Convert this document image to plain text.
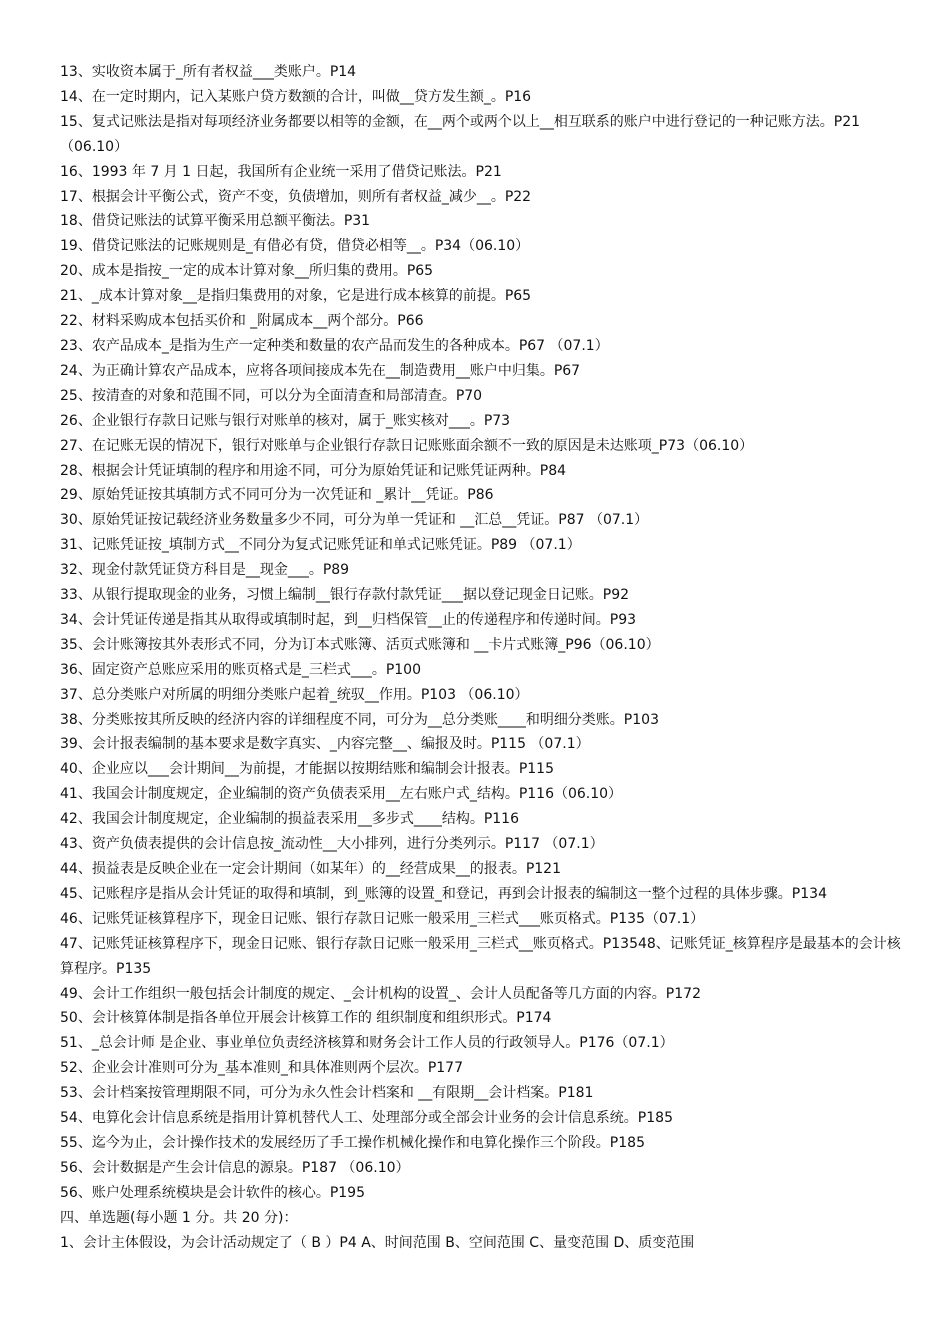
13、实收资本属于_所有者权益___类账户。P14
14、在一定时期内，记入某账户贷方数额的合计，叫做__贷方发生额_。P16
15、复式记账法是指对每项经济业务都要以相等的金额，在__两个或两个以上__相互联系的账户中进行登记的一种记账方法。P21（06.10）
16、1993 年 7 月 1 日起，我国所有企业统一采用了借贷记账法。P21
17、根据会计平衡公式，资产不变，负债增加，则所有者权益_减少__。P22
18、借贷记账法的试算平衡采用总额平衡法。P31
19、借贷记账法的记账规则是_有借必有贷，借贷必相等__。P34（06.10）
20、成本是指按_一定的成本计算对象__所归集的费用。P65
21、_成本计算对象__是指归集费用的对象，它是进行成本核算的前提。P65
22、材料采购成本包括买价和 _附属成本__两个部分。P66
23、农产品成本_是指为生产一定种类和数量的农产品而发生的各种成本。P67 （07.1）
24、为正确计算农产品成本，应将各项间接成本先在__制造费用__账户中归集。P67
25、按清查的对象和范围不同，可以分为全面清查和局部清查。P70
26、企业银行存款日记账与银行对账单的核对，属于_账实核对___。P73
27、在记账无误的情况下，银行对账单与企业银行存款日记账账面余额不一致的原因是未达账项_P73（06.10）
28、根据会计凭证填制的程序和用途不同，可分为原始凭证和记账凭证两种。P84
29、原始凭证按其填制方式不同可分为一次凭证和 _累计__凭证。P86
30、原始凭证按记载经济业务数量多少不同，可分为单一凭证和 __汇总__凭证。P87 （07.1）
31、记账凭证按_填制方式__不同分为复式记账凭证和单式记账凭证。P89 （07.1）
32、现金付款凭证贷方科目是__现金___。P89
33、从银行提取现金的业务，习惯上编制__银行存款付款凭证___据以登记现金日记账。P92
34、会计凭证传递是指其从取得或填制时起，到__归档保管__止的传递程序和传递时间。P93
35、会计账簿按其外表形式不同，分为订本式账簿、活页式账簿和 __卡片式账簿_P96（06.10）
36、固定资产总账应采用的账页格式是_三栏式___。P100
37、总分类账户对所属的明细分类账户起着_统驭__作用。P103 （06.10）
38、分类账按其所反映的经济内容的详细程度不同，可分为__总分类账____和明细分类账。P103
39、会计报表编制的基本要求是数字真实、_内容完整__、编报及时。P115 （07.1）
40、企业应以___会计期间__为前提，才能据以按期结账和编制会计报表。P115
41、我国会计制度规定，企业编制的资产负债表采用__左右账户式_结构。P116（06.10）
42、我国会计制度规定，企业编制的损益表采用__多步式____结构。P116
43、资产负债表提供的会计信息按_流动性__大小排列，进行分类列示。P117 （07.1）
44、损益表是反映企业在一定会计期间（如某年）的__经营成果__的报表。P121
45、记账程序是指从会计凭证的取得和填制，到_账簿的设置_和登记，再到会计报表的编制这一整个过程的具体步骤。P134
46、记账凭证核算程序下，现金日记账、银行存款日记账一般采用_三栏式___账页格式。P135（07.1）
47、记账凭证核算程序下，现金日记账、银行存款日记账一般采用_三栏式__账页格式。P13548、记账凭证_核算程序是最基本的会计核算程序。P135
49、会计工作组织一般包括会计制度的规定、_会计机构的设置_、会计人员配备等几方面的内容。P172
50、会计核算体制是指各单位开展会计核算工作的 组织制度和组织形式。P174
51、_总会计师 是企业、事业单位负责经济核算和财务会计工作人员的行政领导人。P176（07.1）
52、企业会计准则可分为_基本准则_和具体准则两个层次。P177
53、会计档案按管理期限不同，可分为永久性会计档案和 __有限期__会计档案。P181
54、电算化会计信息系统是指用计算机替代人工、处理部分或全部会计业务的会计信息系统。P185
55、迄今为止，会计操作技术的发展经历了手工操作机械化操作和电算化操作三个阶段。P185
56、会计数据是产生会计信息的源泉。P187 （06.10）
56、账户处理系统模块是会计软件的核心。P195
四、单选题(每小题 1 分。共 20 分)：
1、会计主体假设，为会计活动规定了（ B ）P4 A、时间范围 B、空间范围 C、量变范围 D、质变范围
